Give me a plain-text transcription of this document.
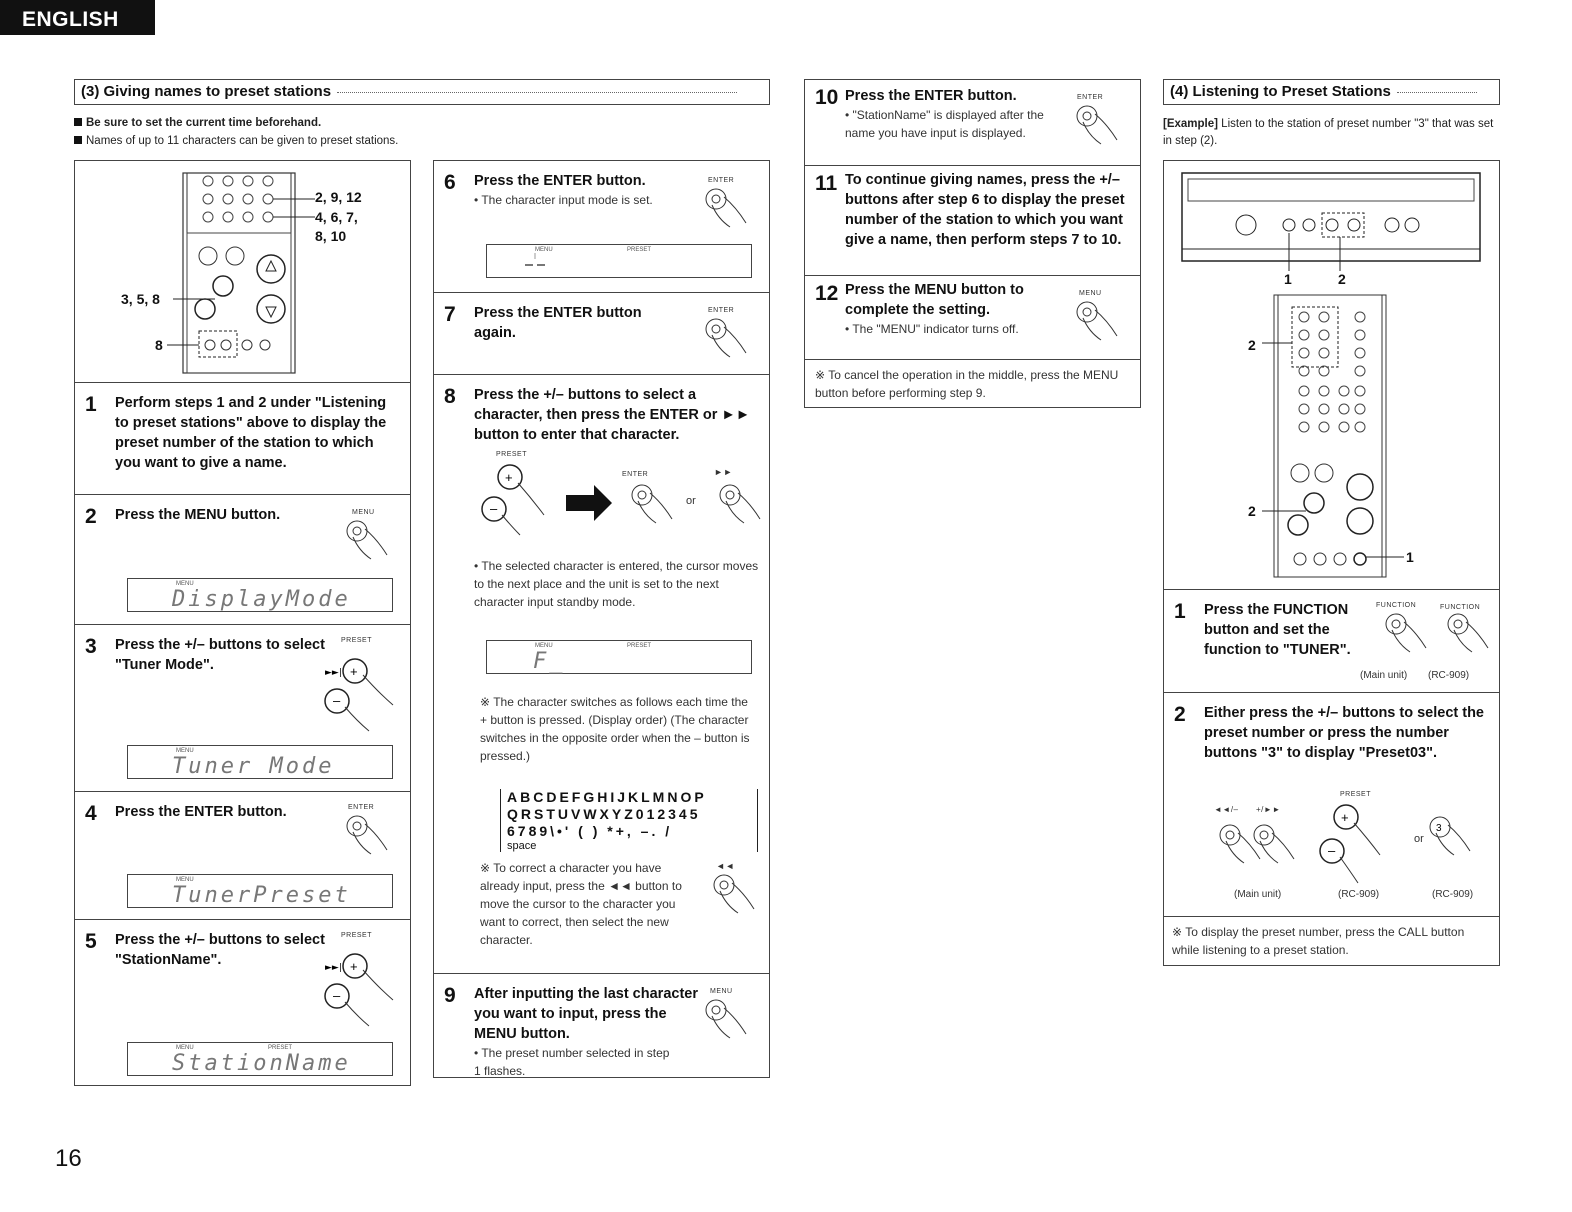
ENGLISH
(3) Giving names to preset stations
Be sure to set the current time beforehand.
Names of up to 11 characters can be given to preset stations.
2, 9, 12
4, 6, 7,
8, 10
3, 5, 8
8
1 Perform steps 1 and 2 under "Listening to preset stations" above to display the preset number of the station to which you want to give a name.
2 Press the MENU button.	MENU
MENU
DisplayMode
3 Press the +/– buttons to select "Tuner Mode".
PRESET
►►| +
–
MENU
Tuner Mode
4 Press the ENTER button.	ENTER
MENU
TunerPreset
5 Press the +/– buttons to select "StationName".
PRESET
►►| +
–
MENU	PRESET
StationName
6 Press the ENTER button.
• The character input mode is set.
ENTER
MENU	PRESET
7 Press the ENTER button again.
ENTER
8 Press the +/– buttons to select a character, then press the ENTER or ►► button to enter that character.
PRESET
+
–
ENTER	►►
or
• The selected character is entered, the cursor moves to the next place and the unit is set to the next character input standby mode.
MENU	PRESET
F_
※ The character switches as follows each time the + button is pressed. (Display order) (The character switches in the opposite order when the – button is pressed.)
ABCDEFGHIJKLMNOP
QRSTUVWXYZ012345
6789\•' ( ) *+, –. /
space
※ To correct a character you have already input, press the ◄◄ button to move the cursor to the character you want to correct, then select the new character.
◄◄
9 After inputting the last character you want to input, press the MENU button.
• The preset number selected in step 1 flashes.
MENU
10 Press the ENTER button.
• "StationName" is displayed after the name you have input is displayed.
ENTER
11 To continue giving names, press the +/– buttons after step 6 to display the preset number of the station to which you want give a name, then perform steps 7 to 10.
12 Press the MENU button to complete the setting.
• The "MENU" indicator turns off.
MENU
※ To cancel the operation in the middle, press the MENU button before performing step 9.
(4) Listening to Preset Stations
[Example] Listen to the station of preset number "3" that was set in step (2).
1	2
2
2
1
1 Press the FUNCTION button and set the function to "TUNER".
FUNCTION	FUNCTION
(Main unit) (RC-909)
2 Either press the +/– buttons to select the preset number or press the number buttons "3" to display "Preset03".
◄◄/– +/►►
PRESET
+
–
3
or
(Main unit)	(RC-909)	(RC-909)
※ To display the preset number, press the CALL button while listening to a preset station.
16
